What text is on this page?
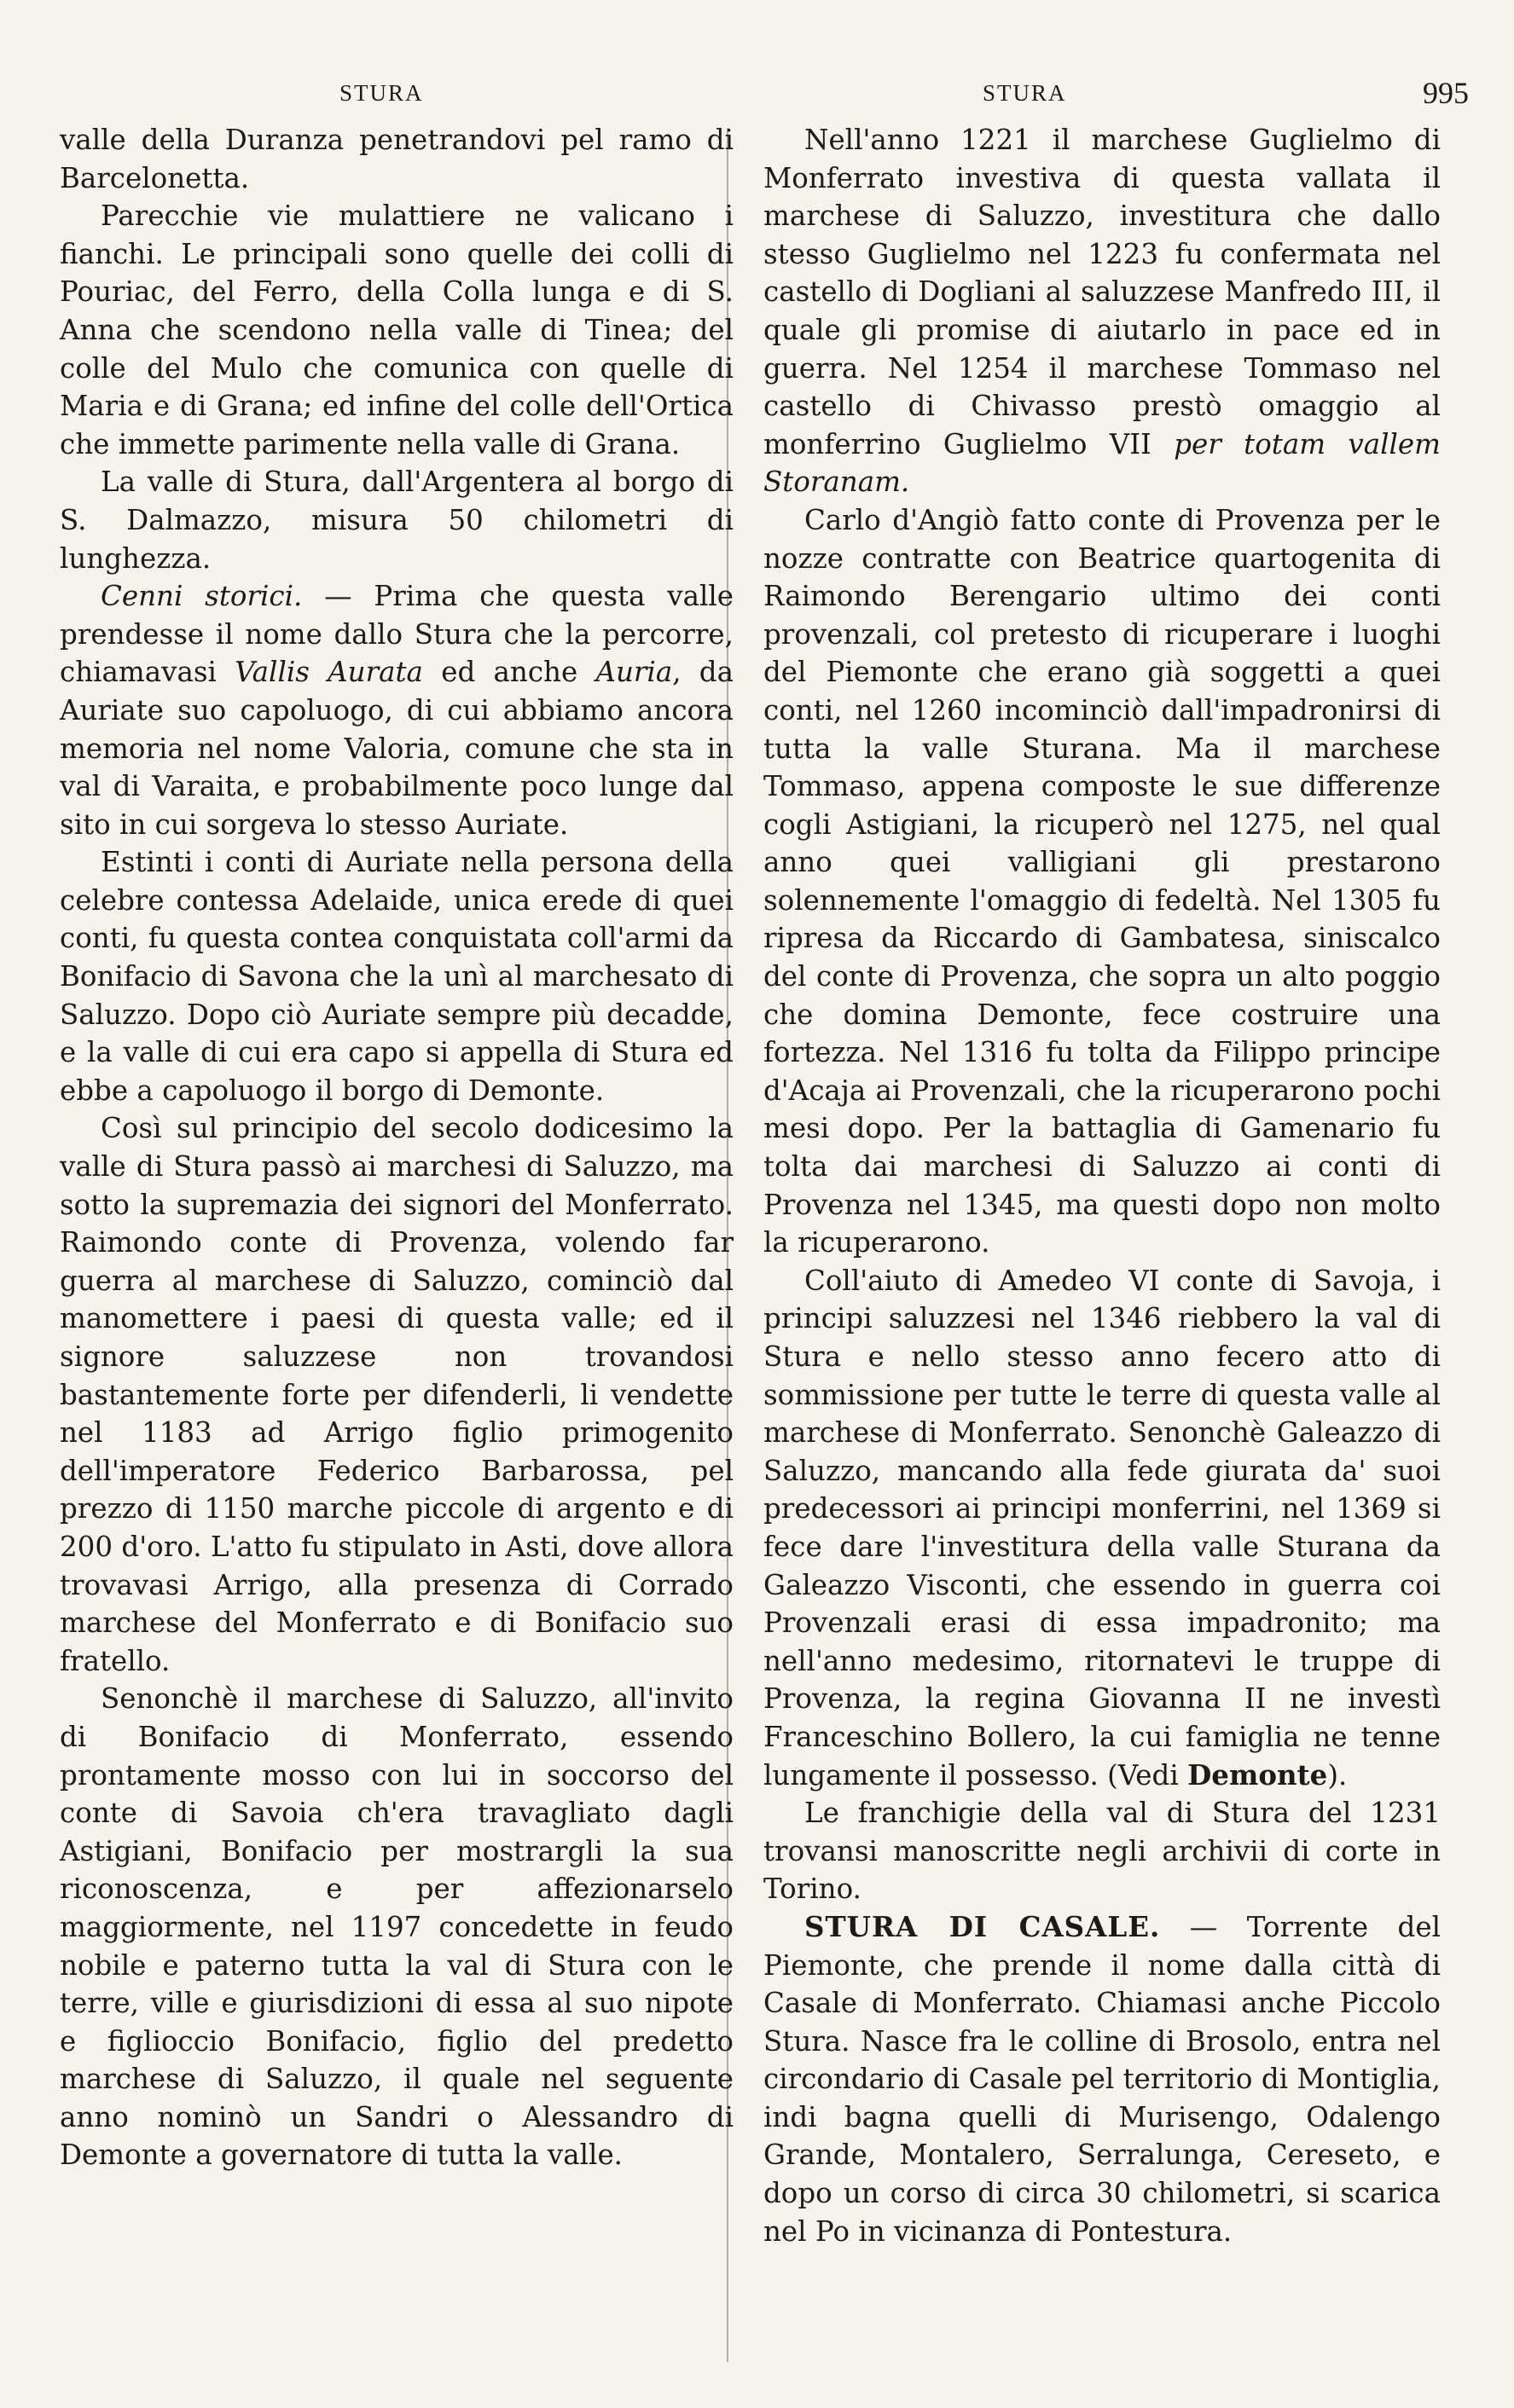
STURA	STURA	995

valle della Duranza penetrandovi pel ramo di Barcelonetta.

Parecchie vie mulattiere ne valicano i fianchi. Le principali sono quelle dei colli di Pouriac, del Ferro, della Colla lunga e di S. Anna che scendono nella valle di Tinea; del colle del Mulo che comunica con quelle di Maria e di Grana; ed infine del colle dell'Ortica che immette parimente nella valle di Grana.

La valle di Stura, dall'Argentera al borgo di S. Dalmazzo, misura 50 chilometri di lunghezza.

Cenni storici. — Prima che questa valle prendesse il nome dallo Stura che la percorre, chiamavasi Vallis Aurata ed anche Auria, da Auriate suo capoluogo, di cui abbiamo ancora memoria nel nome Valoria, comune che sta in val di Varaita, e probabilmente poco lunge dal sito in cui sorgeva lo stesso Auriate.

Estinti i conti di Auriate nella persona della celebre contessa Adelaide, unica erede di quei conti, fu questa contea conquistata coll'armi da Bonifacio di Savona che la unì al marchesato di Saluzzo. Dopo ciò Auriate sempre più decadde, e la valle di cui era capo si appella di Stura ed ebbe a capoluogo il borgo di Demonte.

Così sul principio del secolo dodicesimo la valle di Stura passò ai marchesi di Saluzzo, ma sotto la supremazia dei signori del Monferrato. Raimondo conte di Provenza, volendo far guerra al marchese di Saluzzo, cominciò dal manomettere i paesi di questa valle; ed il signore saluzzese non trovandosi bastantemente forte per difenderli, li vendette nel 1183 ad Arrigo figlio primogenito dell'imperatore Federico Barbarossa, pel prezzo di 1150 marche piccole di argento e di 200 d'oro. L'atto fu stipulato in Asti, dove allora trovavasi Arrigo, alla presenza di Corrado marchese del Monferrato e di Bonifacio suo fratello.

Senonchè il marchese di Saluzzo, all'invito di Bonifacio di Monferrato, essendo prontamente mosso con lui in soccorso del conte di Savoia ch'era travagliato dagli Astigiani, Bonifacio per mostrargli la sua riconoscenza, e per affezionarselo maggiormente, nel 1197 concedette in feudo nobile e paterno tutta la val di Stura con le terre, ville e giurisdizioni di essa al suo nipote e figlioccio Bonifacio, figlio del predetto marchese di Saluzzo, il quale nel seguente anno nominò un Sandri o Alessandro di Demonte a governatore di tutta la valle.

Nell'anno 1221 il marchese Guglielmo di Monferrato investiva di questa vallata il marchese di Saluzzo, investitura che dallo stesso Guglielmo nel 1223 fu confermata nel castello di Dogliani al saluzzese Manfredo III, il quale gli promise di aiutarlo in pace ed in guerra. Nel 1254 il marchese Tommaso nel castello di Chivasso prestò omaggio al monferrino Guglielmo VII per totam vallem Storanam.

Carlo d'Angiò fatto conte di Provenza per le nozze contratte con Beatrice quartogenita di Raimondo Berengario ultimo dei conti provenzali, col pretesto di ricuperare i luoghi del Piemonte che erano già soggetti a quei conti, nel 1260 incominciò dall'impadronirsi di tutta la valle Sturana. Ma il marchese Tommaso, appena composte le sue differenze cogli Astigiani, la ricuperò nel 1275, nel qual anno quei valligiani gli prestarono solennemente l'omaggio di fedeltà. Nel 1305 fu ripresa da Riccardo di Gambatesa, siniscalco del conte di Provenza, che sopra un alto poggio che domina Demonte, fece costruire una fortezza. Nel 1316 fu tolta da Filippo principe d'Acaja ai Provenzali, che la ricuperarono pochi mesi dopo. Per la battaglia di Gamenario fu tolta dai marchesi di Saluzzo ai conti di Provenza nel 1345, ma questi dopo non molto la ricuperarono.

Coll'aiuto di Amedeo VI conte di Savoja, i principi saluzzesi nel 1346 riebbero la val di Stura e nello stesso anno fecero atto di sommissione per tutte le terre di questa valle al marchese di Monferrato. Senonchè Galeazzo di Saluzzo, mancando alla fede giurata da' suoi predecessori ai principi monferrini, nel 1369 si fece dare l'investitura della valle Sturana da Galeazzo Visconti, che essendo in guerra coi Provenzali erasi di essa impadronito; ma nell'anno medesimo, ritornatevi le truppe di Provenza, la regina Giovanna II ne investì Franceschino Bollero, la cui famiglia ne tenne lungamente il possesso. (Vedi Demonte).

Le franchigie della val di Stura del 1231 trovansi manoscritte negli archivii di corte in Torino.

STURA DI CASALE. — Torrente del Piemonte, che prende il nome dalla città di Casale di Monferrato. Chiamasi anche Piccolo Stura. Nasce fra le colline di Brosolo, entra nel circondario di Casale pel territorio di Montiglia, indi bagna quelli di Murisengo, Odalengo Grande, Montalero, Serralunga, Cereseto, e dopo un corso di circa 30 chilometri, si scarica nel Po in vicinanza di Pontestura.
